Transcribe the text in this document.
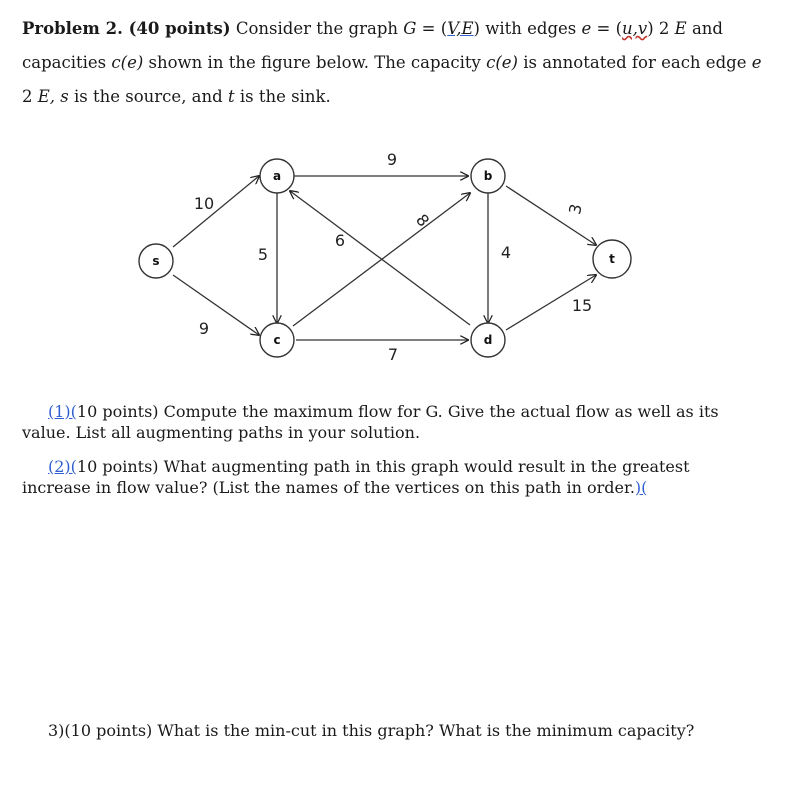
Problem 2. (40 points) Consider the graph G = (V,E) with edges e = (u,v) 2 E and capacities c(e) shown in the figure below. The capacity c(e) is annotated for each edge e 2 E, s is the source, and t is the sink.
s
a	b
c	d
t
10
9
9
5
6
8
4
7
3
15
(1)(10 points) Compute the maximum flow for G. Give the actual flow as well as its value. List all augmenting paths in your solution.
(2)(10 points) What augmenting path in this graph would result in the greatest increase in flow value? (List the names of the vertices on this path in order.)(
3)(10 points) What is the min-cut in this graph? What is the minimum capacity?
